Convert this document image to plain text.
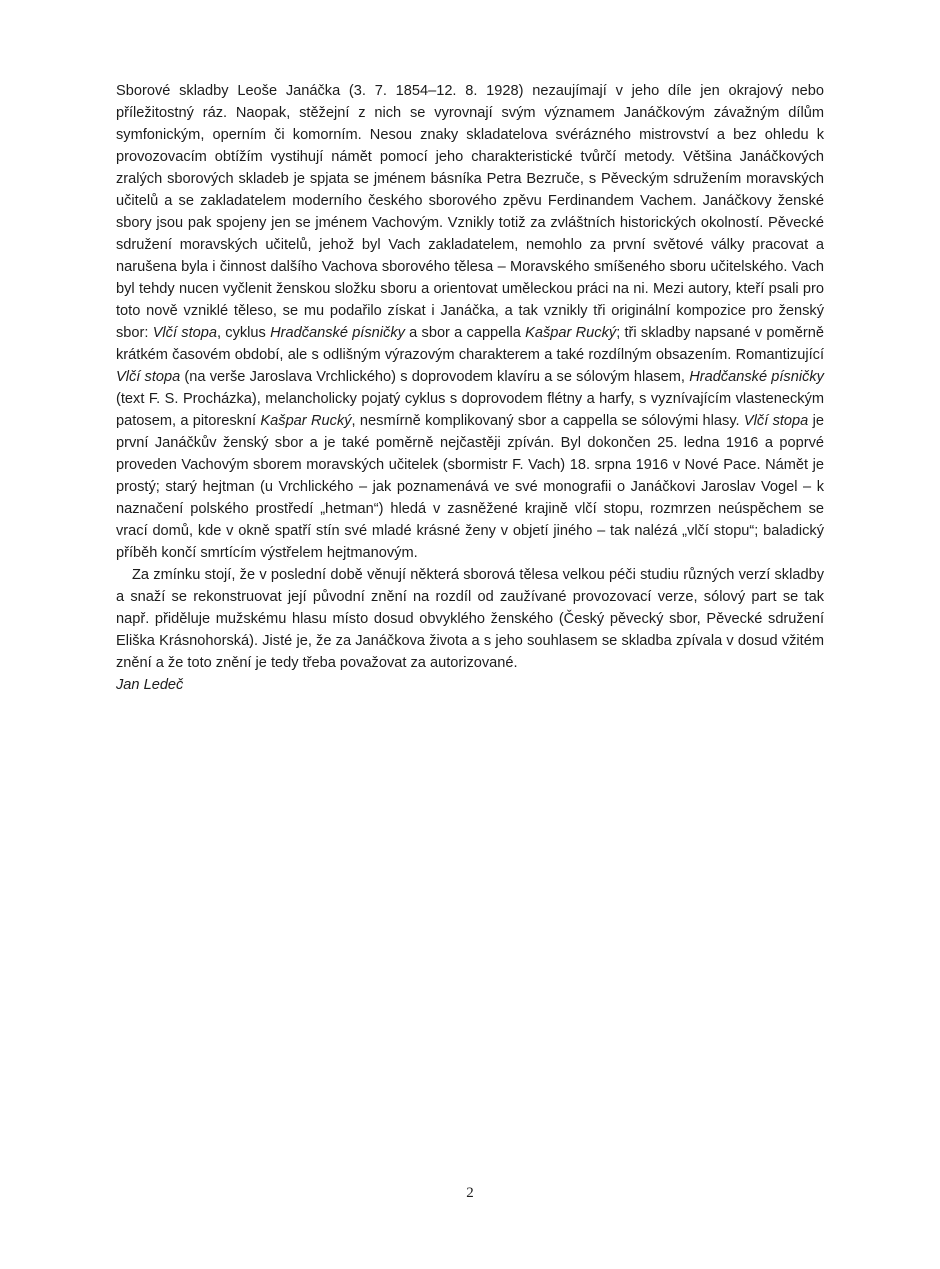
Sborové skladby Leoše Janáčka (3. 7. 1854–12. 8. 1928) nezaujímají v jeho díle jen okrajový nebo příležitostný ráz. Naopak, stěžejní z nich se vyrovnají svým významem Janáčkovým závažným dílům symfonickým, operním či komorním. Nesou znaky skladatelova svérázného mistrovství a bez ohledu k provozovacím obtížím vystihují námět pomocí jeho charakteristické tvůrčí metody. Většina Janáčkových zralých sborových skladeb je spjata se jménem básníka Petra Bezruče, s Pěveckým sdružením moravských učitelů a se zakladatelem moderního českého sborového zpěvu Ferdinandem Vachem. Janáčkovy ženské sbory jsou pak spojeny jen se jménem Vachovým. Vznikly totiž za zvláštních historických okolností. Pěvecké sdružení moravských učitelů, jehož byl Vach zakladatelem, nemohlo za první světové války pracovat a narušena byla i činnost dalšího Vachova sborového tělesa – Moravského smíšeného sboru učitelského. Vach byl tehdy nucen vyčlenit ženskou složku sboru a orientovat uměleckou práci na ni. Mezi autory, kteří psali pro toto nově vzniklé těleso, se mu podařilo získat i Janáčka, a tak vznikly tři originální kompozice pro ženský sbor: Vlčí stopa, cyklus Hradčanské písničky a sbor a cappella Kašpar Rucký; tři skladby napsané v poměrně krátkém časovém období, ale s odlišným výrazovým charakterem a také rozdílným obsazením. Romantizující Vlčí stopa (na verše Jaroslava Vrchlického) s doprovodem klavíru a se sólovým hlasem, Hradčanské písničky (text F. S. Procházka), melancholicky pojatý cyklus s doprovodem flétny a harfy, s vyznívajícím vlasteneckým patosem, a pitoreskní Kašpar Rucký, nesmírně komplikovaný sbor a cappella se sólovými hlasy. Vlčí stopa je první Janáčkův ženský sbor a je také poměrně nejčastěji zpíván. Byl dokončen 25. ledna 1916 a poprvé proveden Vachovým sborem moravských učitelek (sbormistr F. Vach) 18. srpna 1916 v Nové Pace. Námět je prostý; starý hejtman (u Vrchlického – jak poznamenává ve své monografii o Janáčkovi Jaroslav Vogel – k naznačení polského prostředí „hetman“) hledá v zasněžené krajině vlčí stopu, rozmrzen neúspěchem se vrací domů, kde v okně spatří stín své mladé krásné ženy v objetí jiného – tak nalézá „vlčí stopu“; baladický příběh končí smrtícím výstřelem hejtmanovým.

Za zmínku stojí, že v poslední době věnují některá sborová tělesa velkou péči studiu různých verzí skladby a snaží se rekonstruovat její původní znění na rozdíl od zaužívané provozovací verze, sólový part se tak např. přiděluje mužskému hlasu místo dosud obvyklého ženského (Český pěvecký sbor, Pěvecké sdružení Eliška Krásnohorská). Jisté je, že za Janáčkova života a s jeho souhlasem se skladba zpívala v dosud vžitém znění a že toto znění je tedy třeba považovat za autorizované.

Jan Ledeč

2
